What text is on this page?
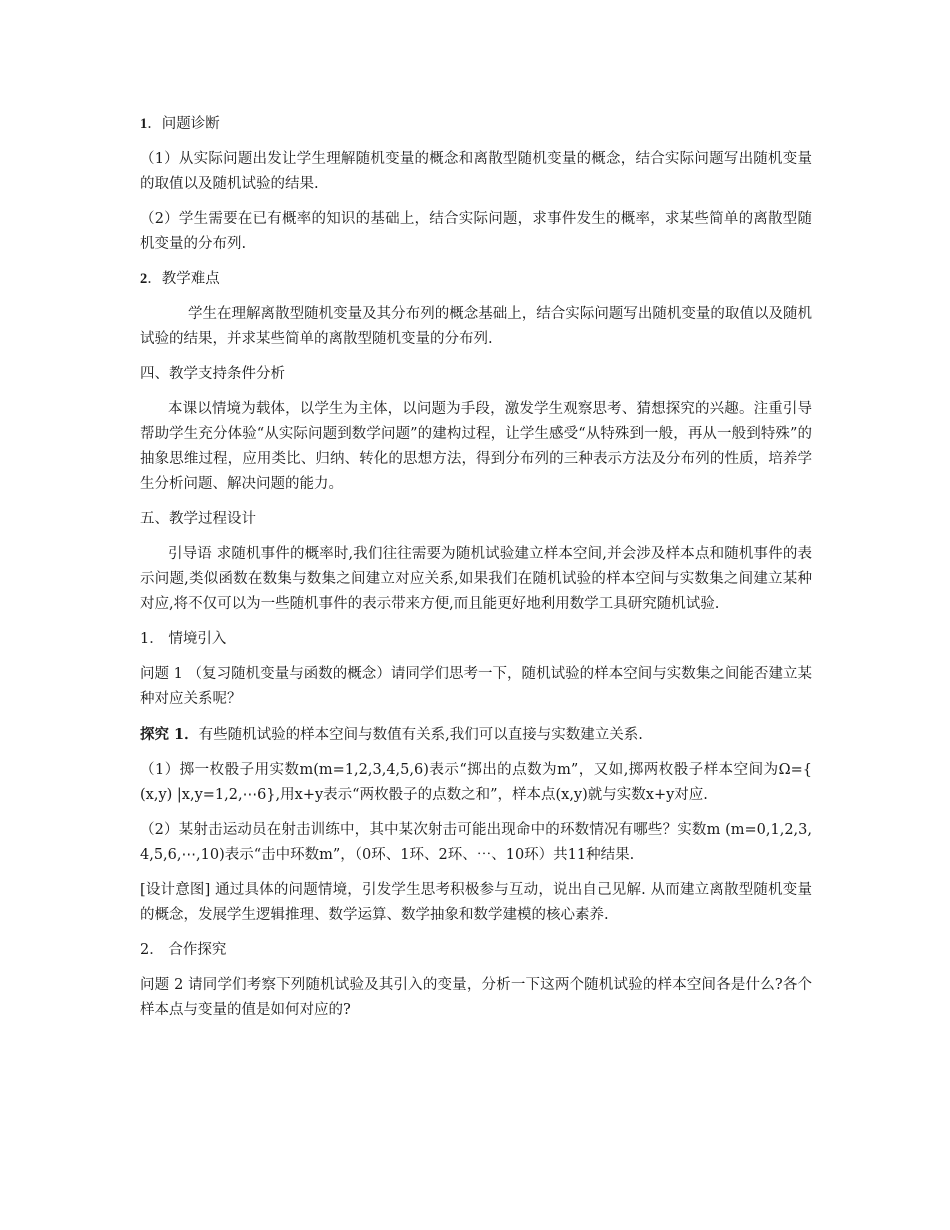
1．问题诊断

（1）从实际问题出发让学生理解随机变量的概念和离散型随机变量的概念，结合实际问题写出随机变量的取值以及随机试验的结果.

（2）学生需要在已有概率的知识的基础上，结合实际问题，求事件发生的概率，求某些简单的离散型随机变量的分布列.

2．教学难点

学生在理解离散型随机变量及其分布列的概念基础上，结合实际问题写出随机变量的取值以及随机试验的结果，并求某些简单的离散型随机变量的分布列.

四、教学支持条件分析

本课以情境为载体，以学生为主体，以问题为手段，激发学生观察思考、猜想探究的兴趣。注重引导帮助学生充分体验“从实际问题到数学问题”的建构过程，让学生感受“从特殊到一般，再从一般到特殊”的抽象思维过程，应用类比、归纳、转化的思想方法，得到分布列的三种表示方法及分布列的性质，培养学生分析问题、解决问题的能力。

五、教学过程设计

引导语 求随机事件的概率时,我们往往需要为随机试验建立样本空间,并会涉及样本点和随机事件的表示问题,类似函数在数集与数集之间建立对应关系,如果我们在随机试验的样本空间与实数集之间建立某种对应,将不仅可以为一些随机事件的表示带来方便,而且能更好地利用数学工具研究随机试验.

1． 情境引入

问题 1 （复习随机变量与函数的概念）请同学们思考一下，随机试验的样本空间与实数集之间能否建立某种对应关系呢？

探究 1．有些随机试验的样本空间与数值有关系,我们可以直接与实数建立关系.

（1）掷一枚骰子用实数m(m=1,2,3,4,5,6)表示“掷出的点数为m”，又如,掷两枚骰子样本空间为Ω={ (x,y) |x,y=1,2,⋯6},用x+y表示“两枚骰子的点数之和”，样本点(x,y)就与实数x+y对应.

（2）某射击运动员在射击训练中，其中某次射击可能出现命中的环数情况有哪些？实数m (m=0,1,2,3,4,5,6,⋯,10)表示“击中环数m”，（0环、1环、2环、⋯、10环）共11种结果.

[设计意图] 通过具体的问题情境，引发学生思考积极参与互动，说出自己见解. 从而建立离散型随机变量的概念，发展学生逻辑推理、数学运算、数学抽象和数学建模的核心素养.

2． 合作探究

问题 2 请同学们考察下列随机试验及其引入的变量，分析一下这两个随机试验的样本空间各是什么?各个样本点与变量的值是如何对应的?
